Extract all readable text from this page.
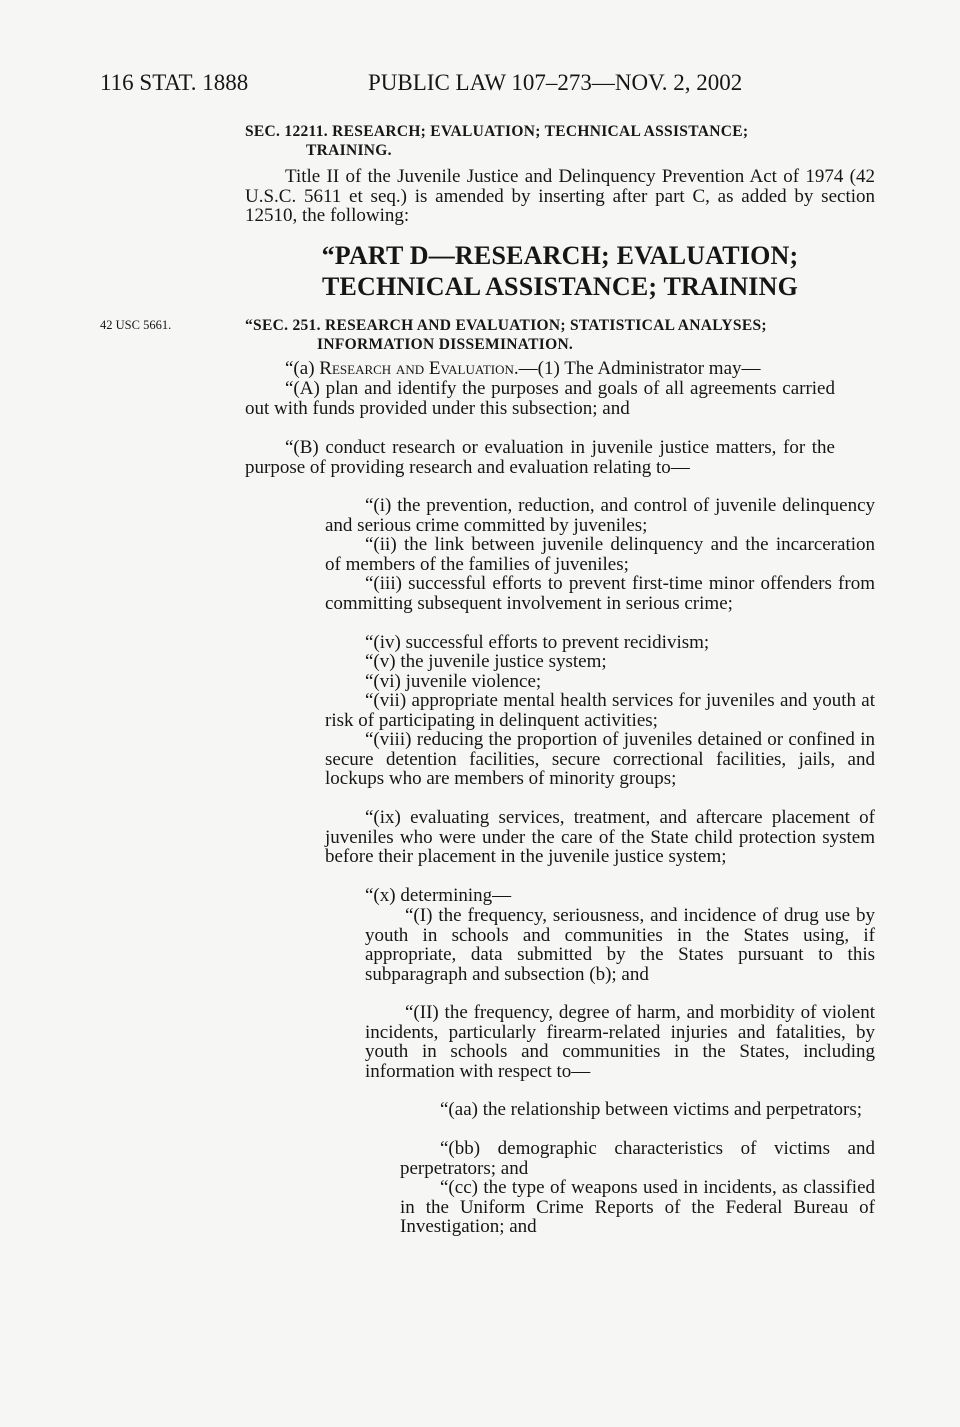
116 STAT. 1888	PUBLIC LAW 107–273—NOV. 2, 2002
SEC. 12211. RESEARCH; EVALUATION; TECHNICAL ASSISTANCE;
TRAINING.
Title II of the Juvenile Justice and Delinquency Prevention Act of 1974 (42 U.S.C. 5611 et seq.) is amended by inserting after part C, as added by section 12510, the following:
“PART D—RESEARCH; EVALUATION;
TECHNICAL ASSISTANCE; TRAINING
42 USC 5661.	“SEC. 251. RESEARCH AND EVALUATION; STATISTICAL ANALYSES;
INFORMATION DISSEMINATION.
“(a) Research and Evaluation.—(1) The Administrator may—
“(A) plan and identify the purposes and goals of all agreements carried out with funds provided under this subsection; and
“(B) conduct research or evaluation in juvenile justice matters, for the purpose of providing research and evaluation relating to—
“(i) the prevention, reduction, and control of juvenile delinquency and serious crime committed by juveniles;
“(ii) the link between juvenile delinquency and the incarceration of members of the families of juveniles;
“(iii) successful efforts to prevent first-time minor offenders from committing subsequent involvement in serious crime;
“(iv) successful efforts to prevent recidivism;
“(v) the juvenile justice system;
“(vi) juvenile violence;
“(vii) appropriate mental health services for juveniles and youth at risk of participating in delinquent activities;
“(viii) reducing the proportion of juveniles detained or confined in secure detention facilities, secure correctional facilities, jails, and lockups who are members of minority groups;
“(ix) evaluating services, treatment, and aftercare placement of juveniles who were under the care of the State child protection system before their placement in the juvenile justice system;
“(x) determining—
“(I) the frequency, seriousness, and incidence of drug use by youth in schools and communities in the States using, if appropriate, data submitted by the States pursuant to this subparagraph and subsection (b); and
“(II) the frequency, degree of harm, and morbidity of violent incidents, particularly firearm-related injuries and fatalities, by youth in schools and communities in the States, including information with respect to—
“(aa) the relationship between victims and perpetrators;
“(bb) demographic characteristics of victims and perpetrators; and
“(cc) the type of weapons used in incidents, as classified in the Uniform Crime Reports of the Federal Bureau of Investigation; and
